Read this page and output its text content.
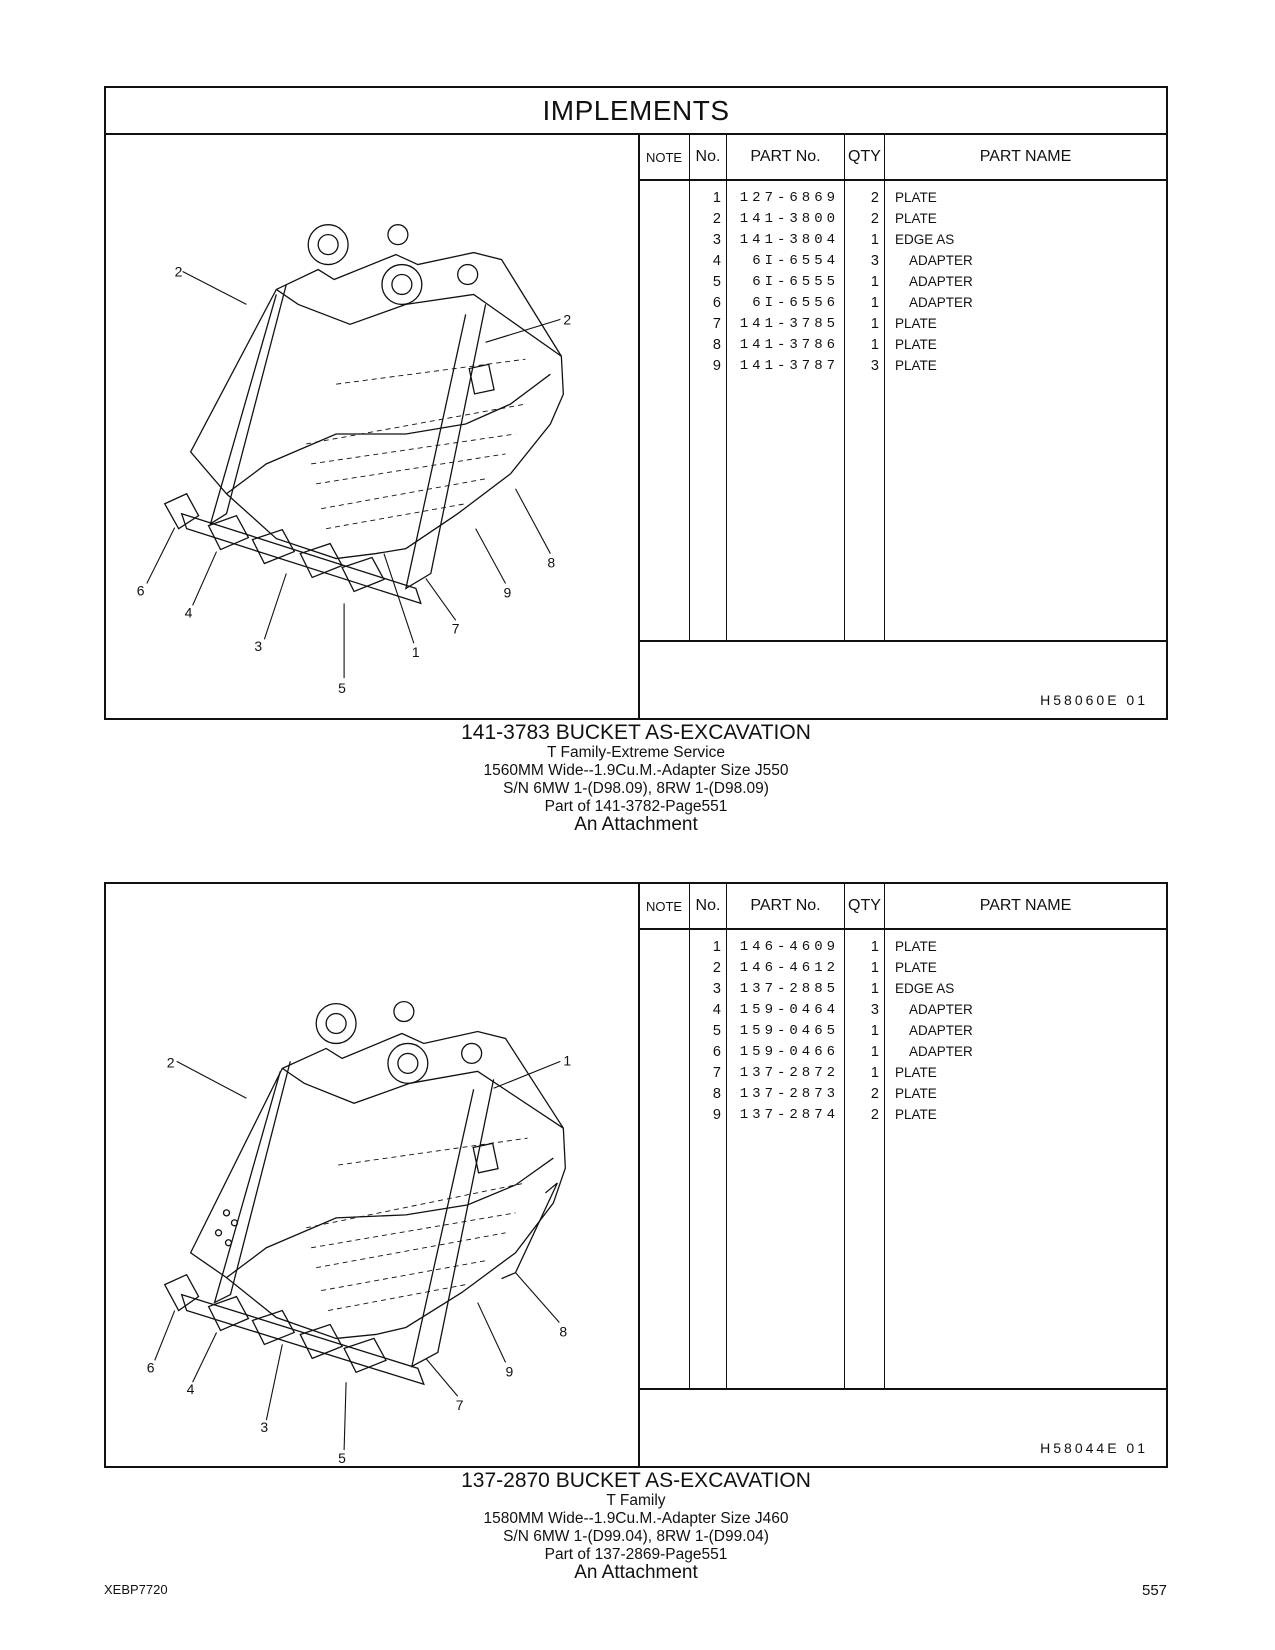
IMPLEMENTS
2
2
6
4
3	1
5
7
9
8
NOTE No.	PART No.	QTY	PART NAME
1	127-6869	2 PLATE
2	141-3800	2 PLATE
3	141-3804	1 EDGE AS
4	6I-6554	3 ADAPTER
5	6I-6555	1 ADAPTER
6	6I-6556	1 ADAPTER
7	141-3785	1 PLATE
8	141-3786	1 PLATE
9	141-3787	3 PLATE
H58060E 01
141-3783 BUCKET AS-EXCAVATION
T Family-Extreme Service
1560MM Wide--1.9Cu.M.-Adapter Size J550
S/N 6MW 1-(D98.09), 8RW 1-(D98.09)
Part of 141-3782-Page551
An Attachment
2	1
6
4
3
5
7
9
8
NOTE No.	PART No.	QTY	PART NAME
1	146-4609	1 PLATE
2	146-4612	1 PLATE
3	137-2885	1 EDGE AS
4	159-0464	3 ADAPTER
5	159-0465	1 ADAPTER
6	159-0466	1 ADAPTER
7	137-2872	1 PLATE
8	137-2873	2 PLATE
9	137-2874	2 PLATE
H58044E 01
137-2870 BUCKET AS-EXCAVATION
T Family
1580MM Wide--1.9Cu.M.-Adapter Size J460
S/N 6MW 1-(D99.04), 8RW 1-(D99.04)
Part of 137-2869-Page551
An Attachment
XEBP7720	557
